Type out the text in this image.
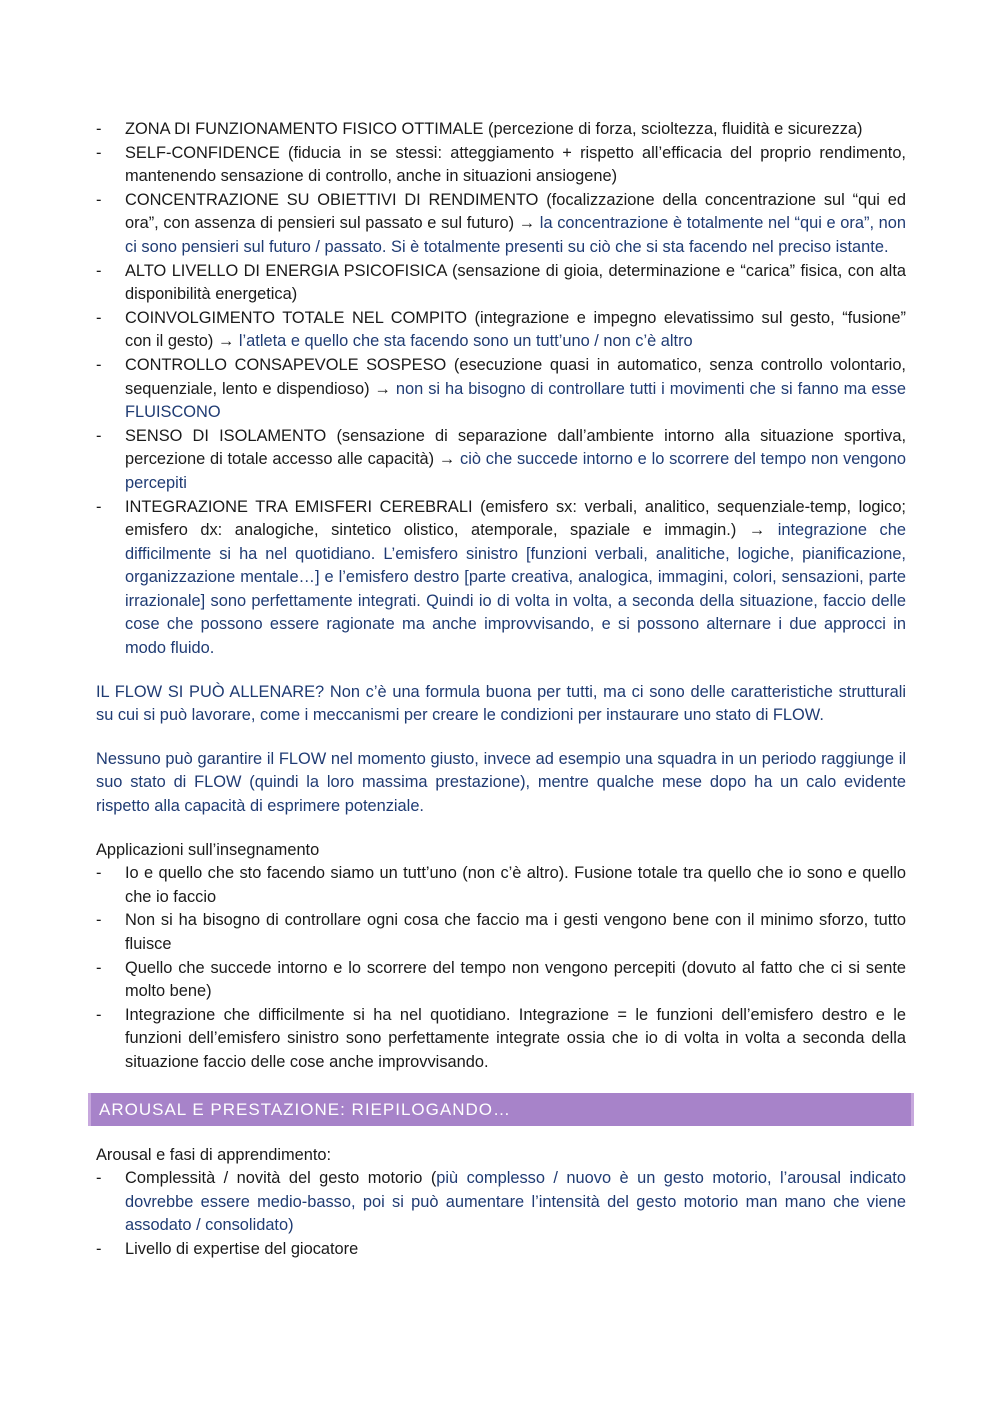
- ZONA DI FUNZIONAMENTO FISICO OTTIMALE (percezione di forza, scioltezza, fluidità e sicurezza)
- SELF-CONFIDENCE (fiducia in se stessi: atteggiamento + rispetto all’efficacia del proprio rendimento, mantenendo sensazione di controllo, anche in situazioni ansiogene)
- CONCENTRAZIONE SU OBIETTIVI DI RENDIMENTO (focalizzazione della concentrazione sul “qui ed ora”, con assenza di pensieri sul passato e sul futuro) → la concentrazione è totalmente nel “qui e ora”, non ci sono pensieri sul futuro / passato. Si è totalmente presenti su ciò che si sta facendo nel preciso istante.
- ALTO LIVELLO DI ENERGIA PSICOFISICA (sensazione di gioia, determinazione e “carica” fisica, con alta disponibilità energetica)
- COINVOLGIMENTO TOTALE NEL COMPITO (integrazione e impegno elevatissimo sul gesto, “fusione” con il gesto) → l’atleta e quello che sta facendo sono un tutt’uno / non c’è altro
- CONTROLLO CONSAPEVOLE SOSPESO (esecuzione quasi in automatico, senza controllo volontario, sequenziale, lento e dispendioso) → non si ha bisogno di controllare tutti i movimenti che si fanno ma esse FLUISCONO
- SENSO DI ISOLAMENTO (sensazione di separazione dall’ambiente intorno alla situazione sportiva, percezione di totale accesso alle capacità) → ciò che succede intorno e lo scorrere del tempo non vengono percepiti
- INTEGRAZIONE TRA EMISFERI CEREBRALI (emisfero sx: verbali, analitico, sequenziale-temp, logico; emisfero dx: analogiche, sintetico olistico, atemporale, spaziale e immagin.) → integrazione che difficilmente si ha nel quotidiano. L’emisfero sinistro [funzioni verbali, analitiche, logiche, pianificazione, organizzazione mentale…] e l’emisfero destro [parte creativa, analogica, immagini, colori, sensazioni, parte irrazionale] sono perfettamente integrati. Quindi io di volta in volta, a seconda della situazione, faccio delle cose che possono essere ragionate ma anche improvvisando, e si possono alternare i due approcci in modo fluido.

IL FLOW SI PUÒ ALLENARE? Non c’è una formula buona per tutti, ma ci sono delle caratteristiche strutturali su cui si può lavorare, come i meccanismi per creare le condizioni per instaurare uno stato di FLOW.

Nessuno può garantire il FLOW nel momento giusto, invece ad esempio una squadra in un periodo raggiunge il suo stato di FLOW (quindi la loro massima prestazione), mentre qualche mese dopo ha un calo evidente rispetto alla capacità di esprimere potenziale.

Applicazioni sull’insegnamento

- Io e quello che sto facendo siamo un tutt’uno (non c’è altro). Fusione totale tra quello che io sono e quello che io faccio
- Non si ha bisogno di controllare ogni cosa che faccio ma i gesti vengono bene con il minimo sforzo, tutto fluisce
- Quello che succede intorno e lo scorrere del tempo non vengono percepiti (dovuto al fatto che ci si sente molto bene)
- Integrazione che difficilmente si ha nel quotidiano. Integrazione = le funzioni dell’emisfero destro e le funzioni dell’emisfero sinistro sono perfettamente integrate ossia che io di volta in volta a seconda della situazione faccio delle cose anche improvvisando.
AROUSAL E PRESTAZIONE: RIEPILOGANDO…

Arousal e fasi di apprendimento:

- Complessità / novità del gesto motorio (più complesso / nuovo è un gesto motorio, l’arousal indicato dovrebbe essere medio-basso, poi si può aumentare l’intensità del gesto motorio man mano che viene assodato / consolidato)
- Livello di expertise del giocatore
